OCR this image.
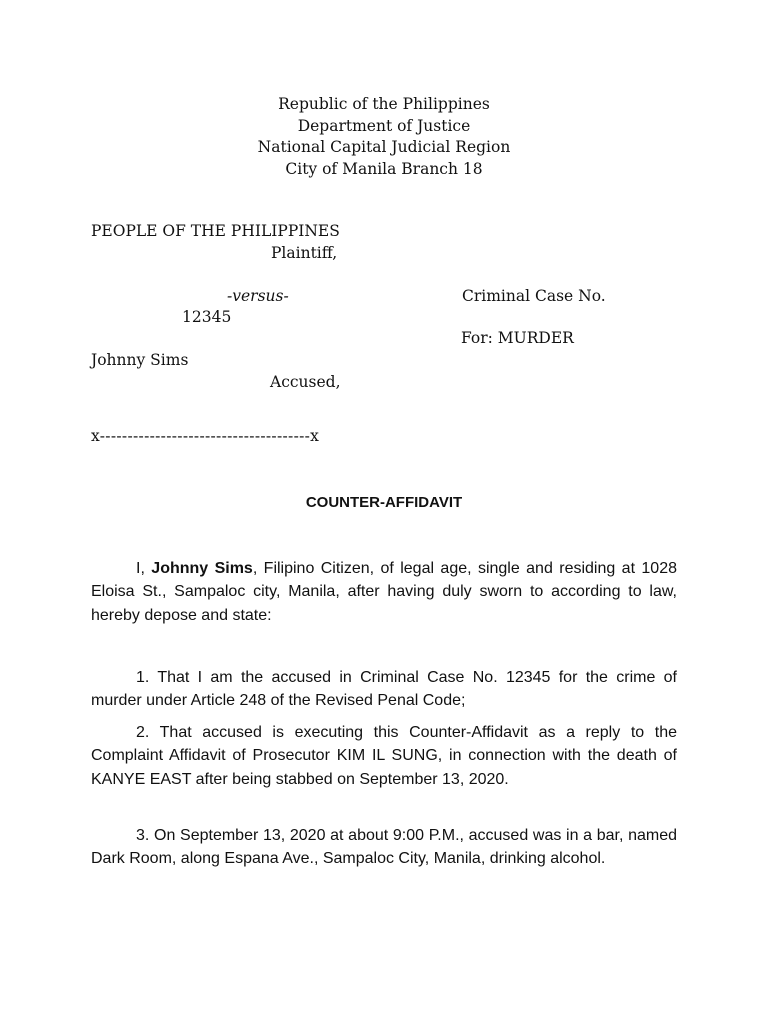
Republic of the Philippines
Department of Justice
National Capital Judicial Region
City of Manila Branch 18
PEOPLE OF THE PHILIPPINES
Plaintiff,
-versus-	Criminal Case No.
12345
For: MURDER
Johnny Sims
Accused,
x--------------------------------------x
COUNTER-AFFIDAVIT
I, Johnny Sims, Filipino Citizen, of legal age, single and residing at 1028 Eloisa St., Sampaloc city, Manila, after having duly sworn to according to law, hereby depose and state:
1. That I am the accused in Criminal Case No. 12345 for the crime of murder under Article 248 of the Revised Penal Code;
2. That accused is executing this Counter-Affidavit as a reply to the Complaint Affidavit of Prosecutor KIM IL SUNG, in connection with the death of KANYE EAST after being stabbed on September 13, 2020.
3. On September 13, 2020 at about 9:00 P.M., accused was in a bar, named Dark Room, along Espana Ave., Sampaloc City, Manila, drinking alcohol.
